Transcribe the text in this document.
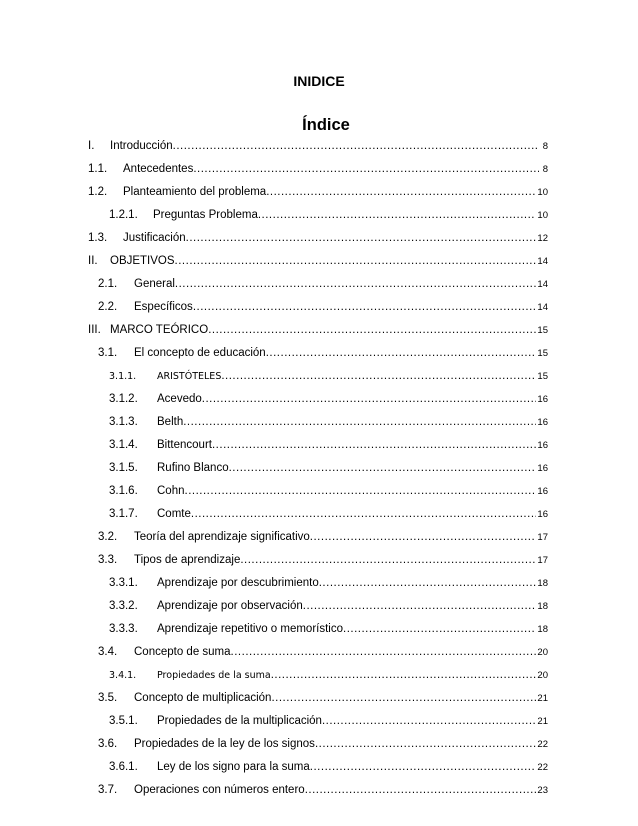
INIDICE
Índice
I.	Introducción .....	8
1.1.	Antecedentes .....	8
1.2.	Planteamiento del problema .....	10
1.2.1.	Preguntas Problema .....	10
1.3.	Justificación .....	12
II.	OBJETIVOS .....	14
2.1.	General .....	14
2.2.	Específicos .....	14
III. MARCO TEÓRICO .....	15
3.1.	El concepto de educación .....	15
3.1.1.	ARISTÓTELES .....	15
3.1.2.	Acevedo .....	16
3.1.3.	Belth .....	16
3.1.4.	Bittencourt .....	16
3.1.5.	Rufino Blanco .....	16
3.1.6.	Cohn .....	16
3.1.7.	Comte .....	16
3.2.	Teoría del aprendizaje significativo .....	17
3.3.	Tipos de aprendizaje .....	17
3.3.1.	Aprendizaje por descubrimiento .....	18
3.3.2.	Aprendizaje por observación .....	18
3.3.3.	Aprendizaje repetitivo o memorístico .....	18
3.4.	Concepto de suma .....	20
3.4.1.	Propiedades de la suma .....	20
3.5.	Concepto de multiplicación .....	21
3.5.1.	Propiedades de la multiplicación .....	21
3.6.	Propiedades de la ley de los signos .....	22
3.6.1.	Ley de los signo para la suma .....	22
3.7.	Operaciones con números entero .....	23
